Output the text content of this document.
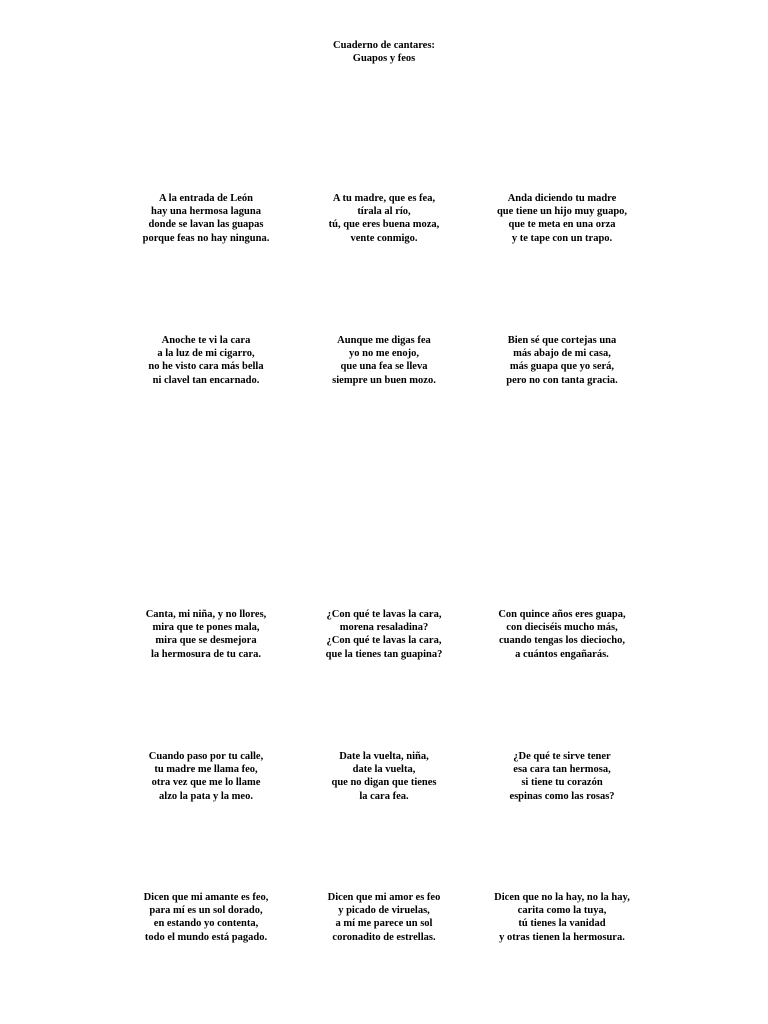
Cuaderno de cantares:
Guapos y feos
A la entrada de León
hay una hermosa laguna
donde se lavan las guapas
porque feas no hay ninguna.
A tu madre, que es fea,
tírala al río,
tú, que eres buena moza,
vente conmigo.
Anda diciendo tu madre
que tiene un hijo muy guapo,
que te meta en una orza
y te tape con un trapo.
Anoche te vi la cara
a la luz de mi cigarro,
no he visto cara más bella
ni clavel tan encarnado.
Aunque me digas fea
yo no me enojo,
que una fea se lleva
siempre un buen mozo.
Bien sé que cortejas una
más abajo de mi casa,
más guapa que yo será,
pero no con tanta gracia.
Canta, mi niña, y no llores,
mira que te pones mala,
mira que se desmejora
la hermosura de tu cara.
¿Con qué te lavas la cara,
morena resaladina?
¿Con qué te lavas la cara,
que la tienes tan guapina?
Con quince años eres guapa,
con dieciséis mucho más,
cuando tengas los dieciocho,
a cuántos engañarás.
Cuando paso por tu calle,
tu madre me llama feo,
otra vez que me lo llame
alzo la pata y la meo.
Date la vuelta, niña,
date la vuelta,
que no digan que tienes
la cara fea.
¿De qué te sirve tener
esa cara tan hermosa,
si tiene tu corazón
espinas como las rosas?
Dicen que mi amante es feo,
para mí es un sol dorado,
en estando yo contenta,
todo el mundo está pagado.
Dicen que mi amor es feo
y picado de viruelas,
a mí me parece un sol
coronadito de estrellas.
Dicen que no la hay, no la hay,
carita como la tuya,
tú tienes la vanidad
y otras tienen la hermosura.
